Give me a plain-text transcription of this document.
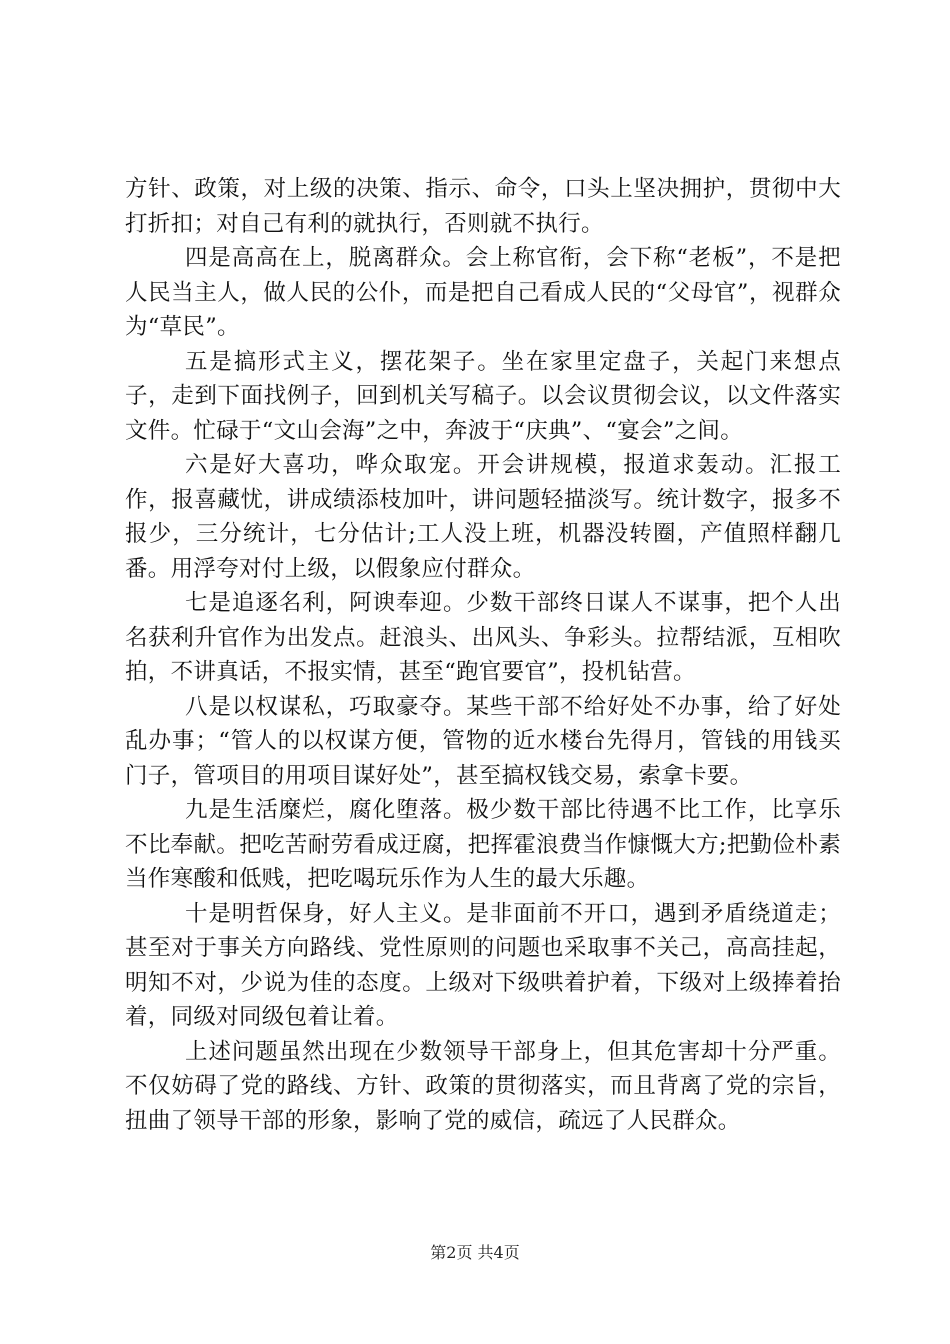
方针、政策，对上级的决策、指示、命令，口头上坚决拥护，贯彻中大打折扣；对自己有利的就执行，否则就不执行。

四是高高在上，脱离群众。会上称官衔，会下称“老板”，不是把人民当主人，做人民的公仆，而是把自己看成人民的“父母官”，视群众为“草民”。

五是搞形式主义，摆花架子。坐在家里定盘子，关起门来想点子，走到下面找例子，回到机关写稿子。以会议贯彻会议，以文件落实文件。忙碌于“文山会海”之中，奔波于“庆典”、“宴会”之间。

六是好大喜功，哗众取宠。开会讲规模，报道求轰动。汇报工作，报喜藏忧，讲成绩添枝加叶，讲问题轻描淡写。统计数字，报多不报少，三分统计，七分估计;工人没上班，机器没转圈，产值照样翻几番。用浮夸对付上级，以假象应付群众。

七是追逐名利，阿谀奉迎。少数干部终日谋人不谋事，把个人出名获利升官作为出发点。赶浪头、出风头、争彩头。拉帮结派，互相吹拍，不讲真话，不报实情，甚至“跑官要官”，投机钻营。

八是以权谋私，巧取豪夺。某些干部不给好处不办事，给了好处乱办事；“管人的以权谋方便，管物的近水楼台先得月，管钱的用钱买门子，管项目的用项目谋好处”，甚至搞权钱交易，索拿卡要。

九是生活糜烂，腐化堕落。极少数干部比待遇不比工作，比享乐不比奉献。把吃苦耐劳看成迂腐，把挥霍浪费当作慷慨大方;把勤俭朴素当作寒酸和低贱，把吃喝玩乐作为人生的最大乐趣。

十是明哲保身，好人主义。是非面前不开口，遇到矛盾绕道走；甚至对于事关方向路线、党性原则的问题也采取事不关己，高高挂起，明知不对，少说为佳的态度。上级对下级哄着护着，下级对上级捧着抬着，同级对同级包着让着。

上述问题虽然出现在少数领导干部身上，但其危害却十分严重。不仅妨碍了党的路线、方针、政策的贯彻落实，而且背离了党的宗旨，扭曲了领导干部的形象，影响了党的威信，疏远了人民群众。

第2页 共4页
